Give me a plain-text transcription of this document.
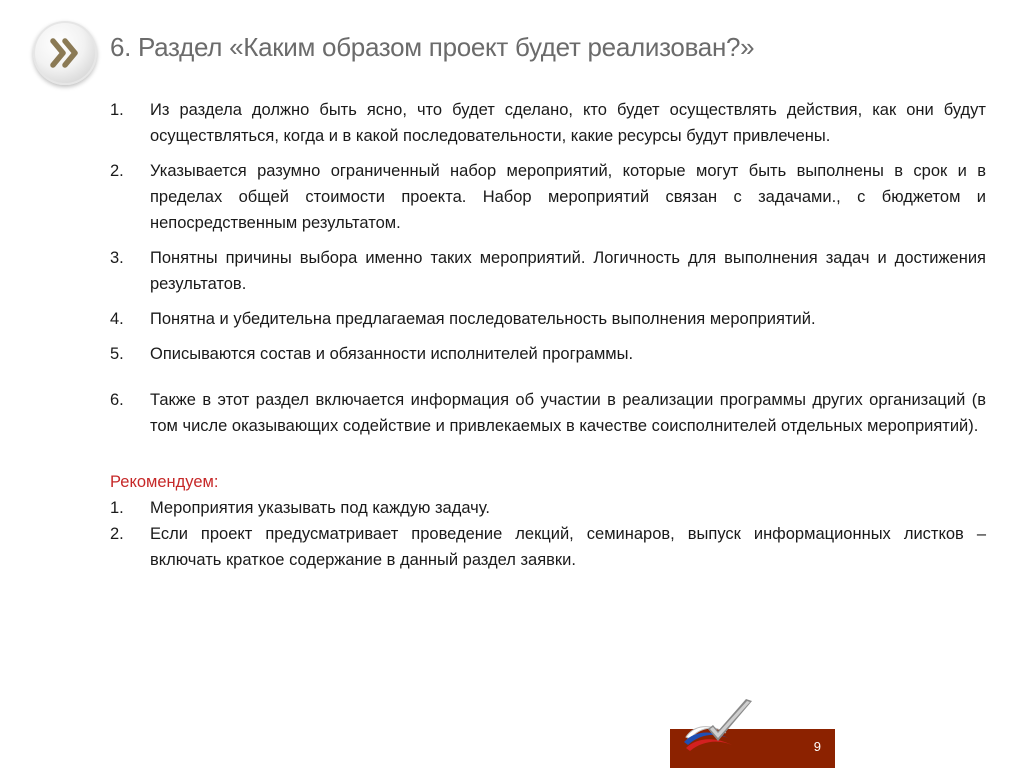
6. Раздел «Каким образом проект будет реализован?»
1.	Из раздела должно быть ясно, что будет сделано, кто будет осуществлять действия, как они будут осуществляться, когда и в какой последовательности, какие ресурсы будут привлечены.
2.	Указывается разумно ограниченный набор мероприятий, которые могут быть выполнены в срок и в пределах общей стоимости проекта. Набор мероприятий связан с задачами., с бюджетом и непосредственным результатом.
3.	Понятны причины выбора именно таких мероприятий. Логичность для выполнения задач и достижения результатов.
4.	Понятна и убедительна предлагаемая последовательность выполнения мероприятий.
5.	Описываются состав и обязанности исполнителей программы.
6.	Также в этот раздел включается информация об участии в реализации программы других организаций (в том числе оказывающих содействие и привлекаемых в качестве соисполнителей отдельных мероприятий).

Рекомендуем:

1.	Мероприятия указывать под каждую задачу.
2.	Если проект предусматривает проведение лекций, семинаров, выпуск информационных листков – включать краткое содержание в данный раздел заявки.
9
